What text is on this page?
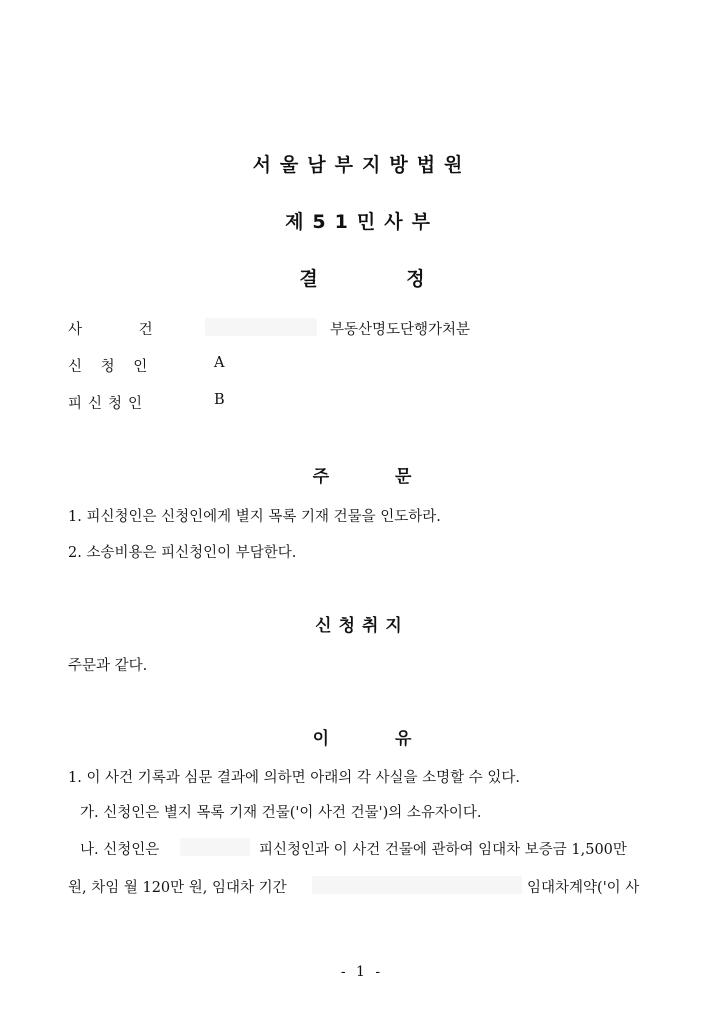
서울남부지방법원
제51민사부
결 정
사 건	부동산명도단행가처분
신 청 인	A
피신청인	B
주 문
1. 피신청인은 신청인에게 별지 목록 기재 건물을 인도하라.
2. 소송비용은 피신청인이 부담한다.
신청취지
주문과 같다.
이 유
1. 이 사건 기록과 심문 결과에 의하면 아래의 각 사실을 소명할 수 있다.
가. 신청인은 별지 목록 기재 건물('이 사건 건물')의 소유자이다.
나. 신청인은	피신청인과 이 사건 건물에 관하여 임대차 보증금 1,500만
원, 차임 월 120만 원, 임대차 기간	임대차계약('이 사
- 1 -
